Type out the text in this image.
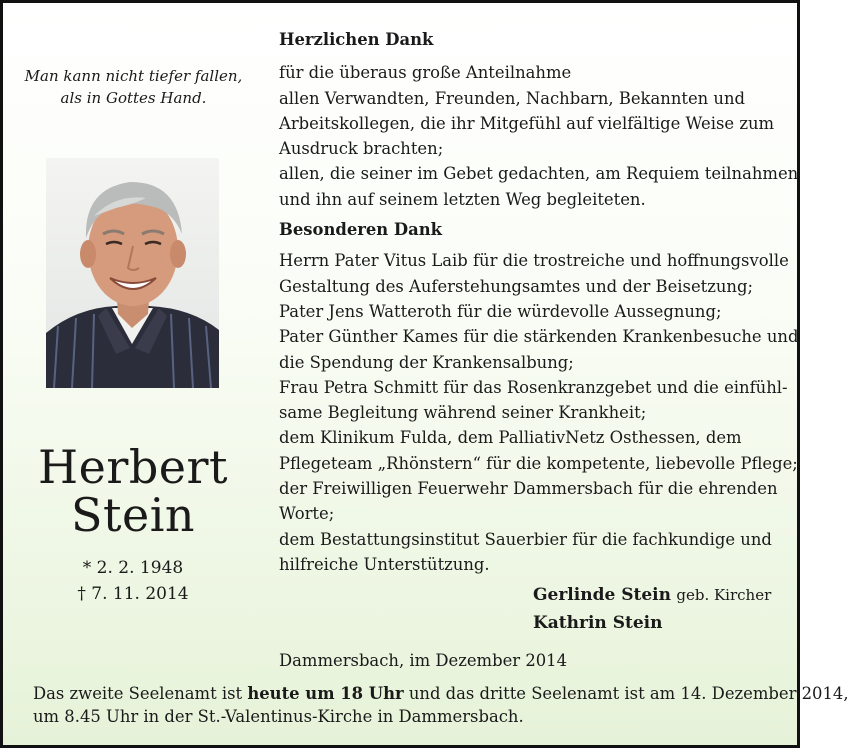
Man kann nicht tiefer fallen,
als in Gottes Hand.
Herbert
Stein
* 2. 2. 1948
† 7. 11. 2014
Herzlichen Dank
für die überaus große Anteilnahme
allen Verwandten, Freunden, Nachbarn, Bekannten und
Arbeitskollegen, die ihr Mitgefühl auf vielfältige Weise zum
Ausdruck brachten;
allen, die seiner im Gebet gedachten, am Requiem teilnahmen
und ihn auf seinem letzten Weg begleiteten.
Besonderen Dank
Herrn Pater Vitus Laib für die trostreiche und hoffnungsvolle
Gestaltung des Auferstehungsamtes und der Beisetzung;
Pater Jens Watteroth für die würdevolle Aussegnung;
Pater Günther Kames für die stärkenden Krankenbesuche und
die Spendung der Krankensalbung;
Frau Petra Schmitt für das Rosenkranzgebet und die einfühl-
same Begleitung während seiner Krankheit;
dem Klinikum Fulda, dem PalliativNetz Osthessen, dem
Pflegeteam „Rhönstern“ für die kompetente, liebevolle Pflege;
der Freiwilligen Feuerwehr Dammersbach für die ehrenden
Worte;
dem Bestattungsinstitut Sauerbier für die fachkundige und
hilfreiche Unterstützung.
Gerlinde Stein geb. Kircher
Kathrin Stein
Dammersbach, im Dezember 2014
Das zweite Seelenamt ist heute um 18 Uhr und das dritte Seelenamt ist am 14. Dezember 2014,
um 8.45 Uhr in der St.-Valentinus-Kirche in Dammersbach.
